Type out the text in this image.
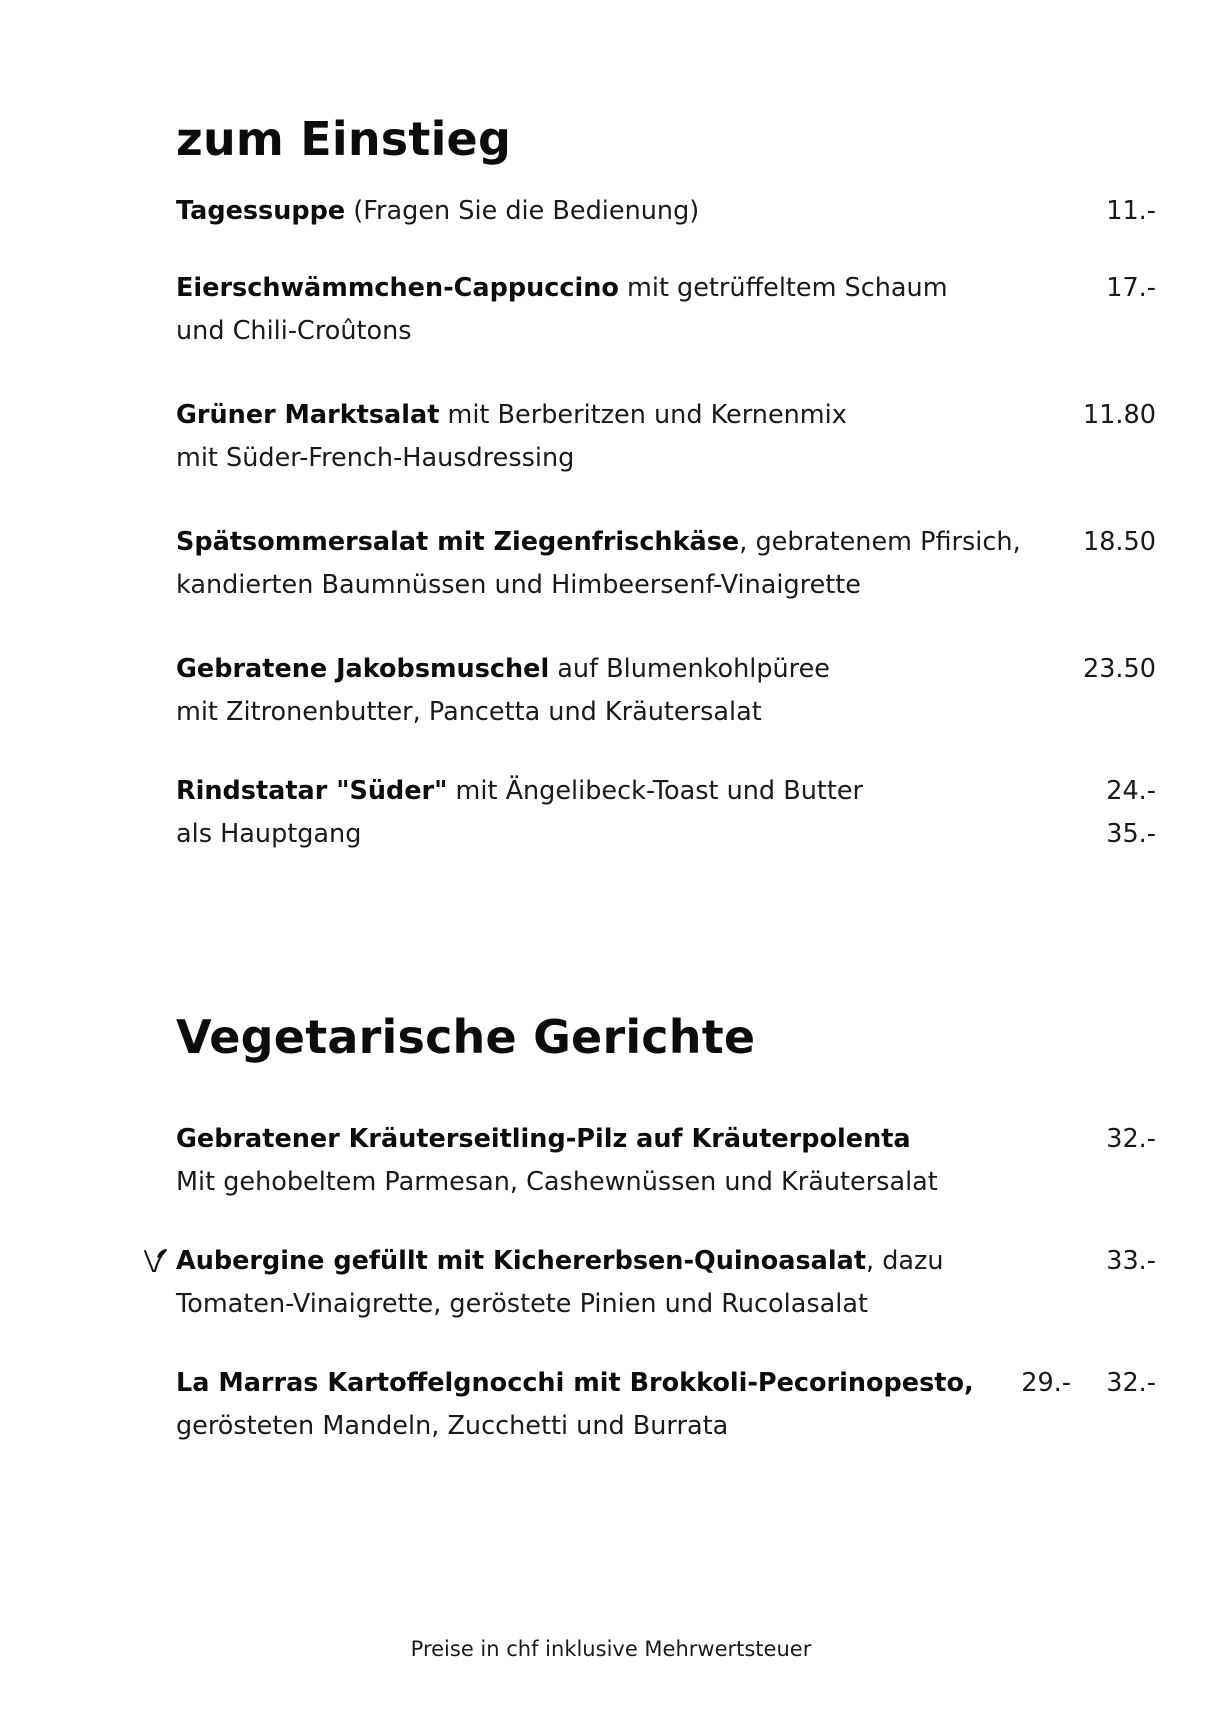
zum Einstieg
Tagessuppe (Fragen Sie die Bedienung)	11.-
Eierschwämmchen-Cappuccino mit getrüffeltem Schaum	17.-
und Chili-Croûtons
Grüner Marktsalat mit Berberitzen und Kernenmix	11.80
mit Süder-French-Hausdressing
Spätsommersalat mit Ziegenfrischkäse, gebratenem Pfirsich, 18.50
kandierten Baumnüssen und Himbeersenf-Vinaigrette
Gebratene Jakobsmuschel auf Blumenkohlpüree	23.50
mit Zitronenbutter, Pancetta und Kräutersalat
Rindstatar "Süder" mit Ängelibeck-Toast und Butter	24.-
als Hauptgang	35.-
Vegetarische Gerichte
Gebratener Kräuterseitling-Pilz auf Kräuterpolenta	32.-
Mit gehobeltem Parmesan, Cashewnüssen und Kräutersalat
Aubergine gefüllt mit Kichererbsen-Quinoasalat, dazu	33.-
Tomaten-Vinaigrette, geröstete Pinien und Rucolasalat
La Marras Kartoffelgnocchi mit Brokkoli-Pecorinopesto, 29.- 32.-
gerösteten Mandeln, Zucchetti und Burrata
Preise in chf inklusive Mehrwertsteuer
